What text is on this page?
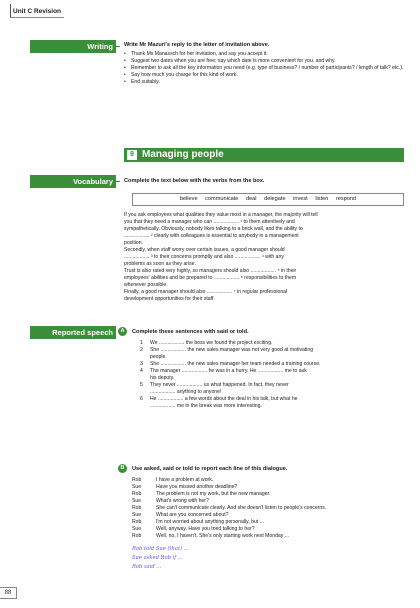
Unit C Revision
Writing	Write Mr Mazuri's reply to the letter of invitation above.
• Thank Ms Manassch for her invitation, and say you accept it.
• Suggest two dates when you are free; say which date is more convenient for you, and why.
• Remember to ask all the key information you need (e.g. type of business? / number of participants? / length of talk? etc.).
• Say how much you charge for this kind of work.
• End suitably.
9 Managing people
Vocabulary	Complete the text below with the verbs from the box.
believe communicate deal delegate invest listen respond
If you ask employees what qualities they value most in a manager, the majority will tell
you that they need a manager who can .................. ¹ to them attentively and
sympathetically. Obviously, nobody likes talking to a brick wall, and the ability to
.................. ² clearly with colleagues is essential to anybody in a management
position.
Secondly, when staff worry over certain issues, a good manager should
.................. ³ to their concerns promptly and also .................. ⁴ with any
problems as soon as they arise.
Trust is also rated very highly, so managers should also .................. ⁵ in their
employees' abilities and be prepared to .................. ⁶ responsibilities to them
whenever possible.
Finally, a good manager should also .................. ⁷ in regular professional
development opportunities for their staff.
Reported speech	A	Complete these sentences with said or told.
1 We .................. the boss we found the project exciting.
2 She .................. the new sales manager was not very good at motivating
people.
3 She .................. the new sales manager her team needed a training course.
4 The manager .................. he was in a hurry. He .................. me to ask
his deputy.
5 They never .................. us what happened. In fact, they never
.................. anything to anyone!
6 He .................. a few words about the deal in his talk, but what he
.................. me in the break was more interesting.
B	Use asked, said or told to report each line of this dialogue.
Rob	I have a problem at work.
Sue	Have you missed another deadline?
Rob	The problem is not my work, but the new manager.
Sue	What's wrong with her?
Rob	She can't communicate clearly. And she doesn't listen to people's concerns.
Sue	What are you concerned about?
Rob	I'm not worried about anything personally, but ...
Sue	Well, anyway. Have you tried talking to her?
Rob	Well, no, I haven't. She's only starting work next Monday ...
Rob told Sue (that) ...
Sue asked Rob if ...
Rob said ...
88
